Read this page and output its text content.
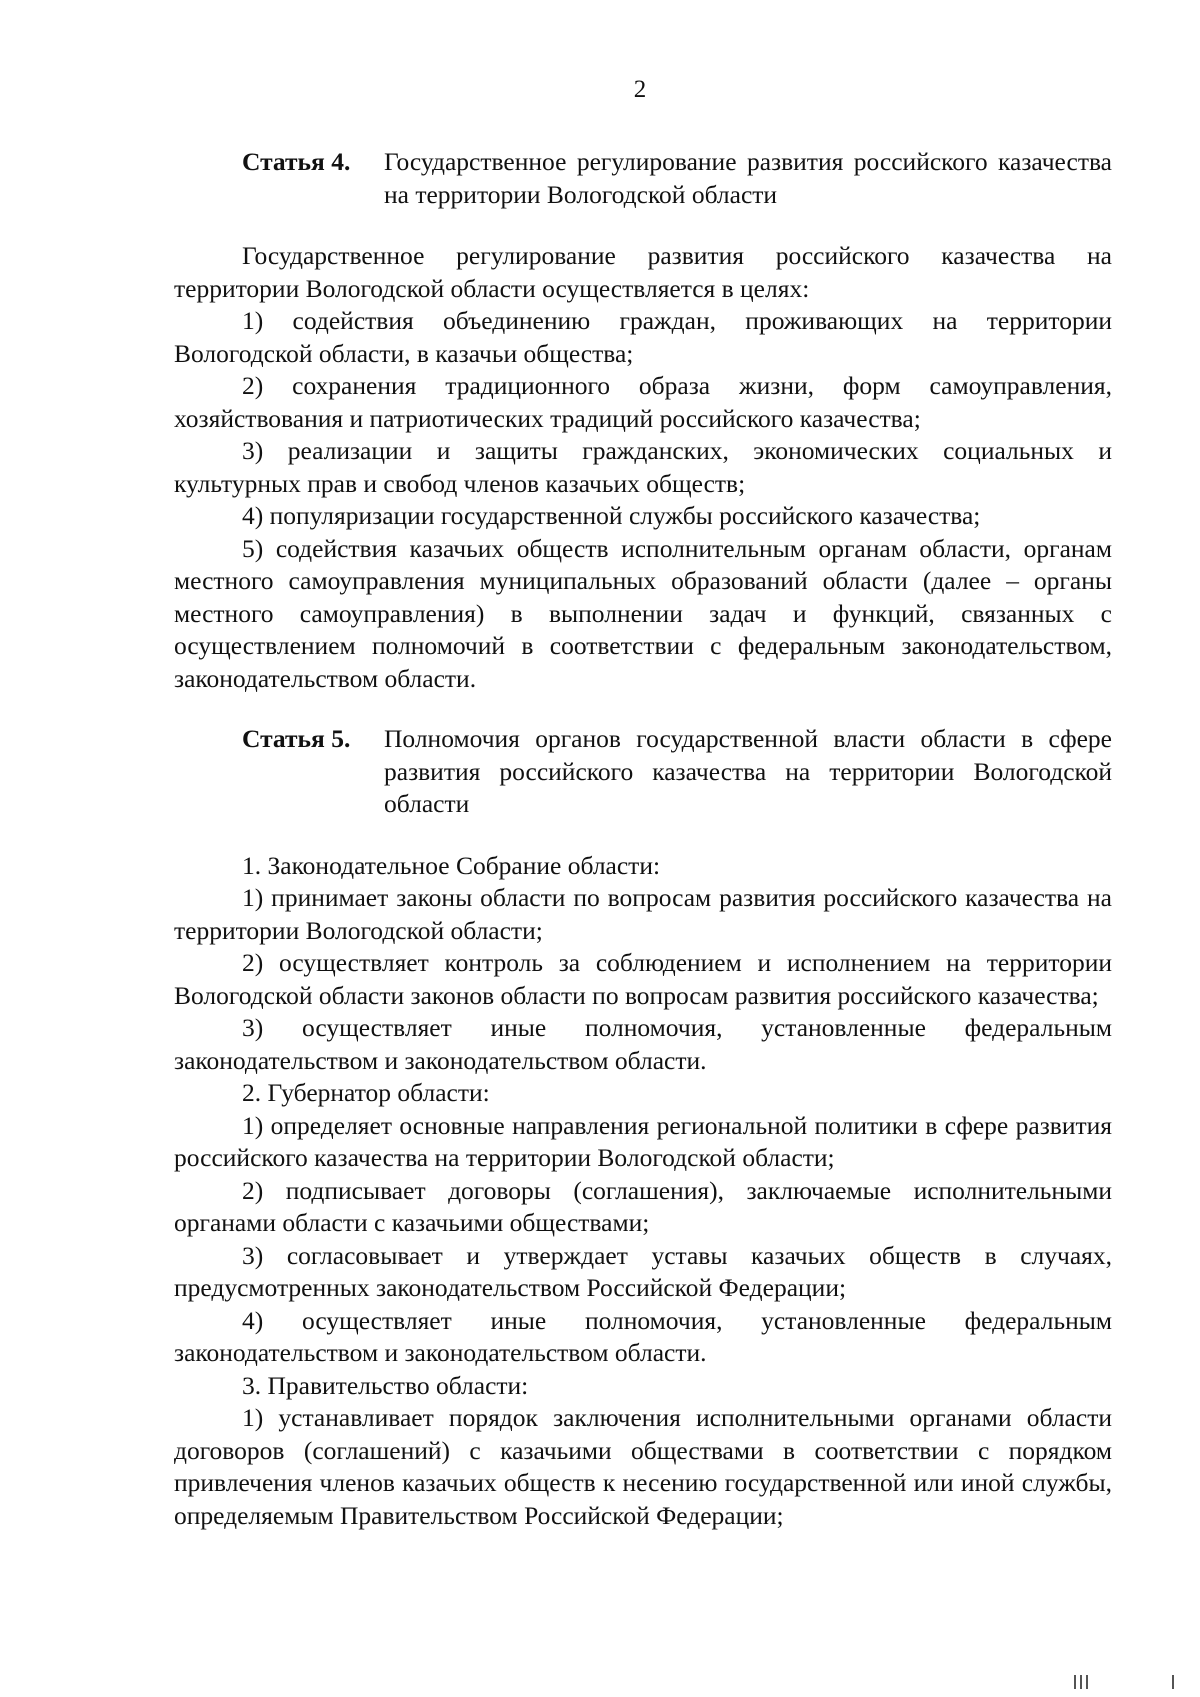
2
Статья 4.	Государственное регулирование развития российского казачества на территории Вологодской области

Государственное регулирование развития российского казачества на территории Вологодской области осуществляется в целях:

1) содействия объединению граждан, проживающих на территории Вологодской области, в казачьи общества;

2) сохранения традиционного образа жизни, форм самоуправления, хозяйствования и патриотических традиций российского казачества;

3) реализации и защиты гражданских, экономических социальных и культурных прав и свобод членов казачьих обществ;

4) популяризации государственной службы российского казачества;

5) содействия казачьих обществ исполнительным органам области, органам местного самоуправления муниципальных образований области (далее – органы местного самоуправления) в выполнении задач и функций, связанных с осуществлением полномочий в соответствии с федеральным законодательством, законодательством области.

Статья 5.	Полномочия органов государственной власти области в сфере развития российского казачества на территории Вологодской области

1. Законодательное Собрание области:

1) принимает законы области по вопросам развития российского казачества на территории Вологодской области;

2) осуществляет контроль за соблюдением и исполнением на территории Вологодской области законов области по вопросам развития российского казачества;

3) осуществляет иные полномочия, установленные федеральным законодательством и законодательством области.

2. Губернатор области:

1) определяет основные направления региональной политики в сфере развития российского казачества на территории Вологодской области;

2) подписывает договоры (соглашения), заключаемые исполнительными органами области с казачьими обществами;

3) согласовывает и утверждает уставы казачьих обществ в случаях, предусмотренных законодательством Российской Федерации;

4) осуществляет иные полномочия, установленные федеральным законодательством и законодательством области.

3. Правительство области:

1) устанавливает порядок заключения исполнительными органами области договоров (соглашений) с казачьими обществами в соответствии с порядком привлечения членов казачьих обществ к несению государственной или иной службы, определяемым Правительством Российской Федерации;
